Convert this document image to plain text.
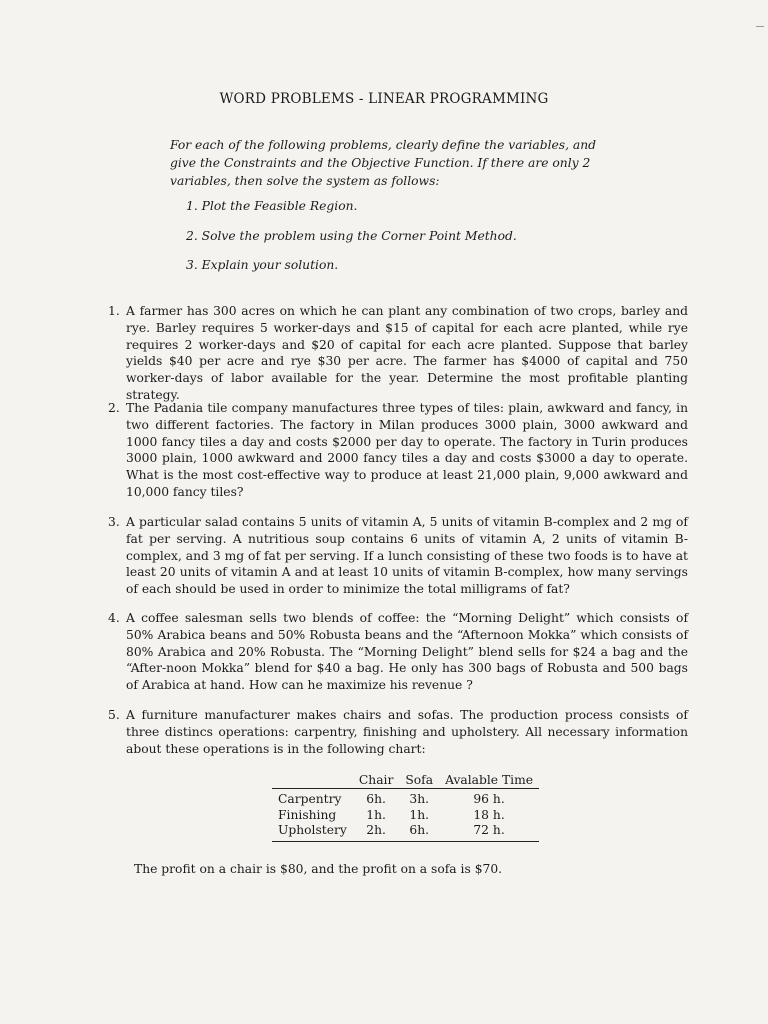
WORD PROBLEMS - LINEAR PROGRAMMING
For each of the following problems, clearly define the variables, and give the Constraints and the Objective Function. If there are only 2 variables, then solve the system as follows:
1. Plot the Feasible Region.
2. Solve the problem using the Corner Point Method.
3. Explain your solution.
1. A farmer has 300 acres on which he can plant any combination of two crops, barley and rye. Barley requires 5 worker-days and $15 of capital for each acre planted, while rye requires 2 worker-days and $20 of capital for each acre planted. Suppose that barley yields $40 per acre and rye $30 per acre. The farmer has $4000 of capital and 750 worker-days of labor available for the year. Determine the most profitable planting strategy.
2. The Padania tile company manufactures three types of tiles: plain, awkward and fancy, in two different factories. The factory in Milan produces 3000 plain, 3000 awkward and 1000 fancy tiles a day and costs $2000 per day to operate. The factory in Turin produces 3000 plain, 1000 awkward and 2000 fancy tiles a day and costs $3000 a day to operate. What is the most cost-effective way to produce at least 21,000 plain, 9,000 awkward and 10,000 fancy tiles?
3. A particular salad contains 5 units of vitamin A, 5 units of vitamin B-complex and 2 mg of fat per serving. A nutritious soup contains 6 units of vitamin A, 2 units of vitamin B-complex, and 3 mg of fat per serving. If a lunch consisting of these two foods is to have at least 20 units of vitamin A and at least 10 units of vitamin B-complex, how many servings of each should be used in order to minimize the total milligrams of fat?
4. A coffee salesman sells two blends of coffee: the “Morning Delight” which consists of 50% Arabica beans and 50% Robusta beans and the “Afternoon Mokka” which consists of 80% Arabica and 20% Robusta. The “Morning Delight” blend sells for $24 a bag and the “After-noon Mokka” blend for $40 a bag. He only has 300 bags of Robusta and 500 bags of Arabica at hand. How can he maximize his revenue ?
5. A furniture manufacturer makes chairs and sofas. The production process consists of three distincs operations: carpentry, finishing and upholstery. All necessary information about these operations is in the following chart:
	Chair	Sofa	Avalable Time
Carpentry	6h.	3h.	96 h.
Finishing	1h.	1h.	18 h.
Upholstery	2h.	6h.	72 h.
The profit on a chair is $80, and the profit on a sofa is $70.
